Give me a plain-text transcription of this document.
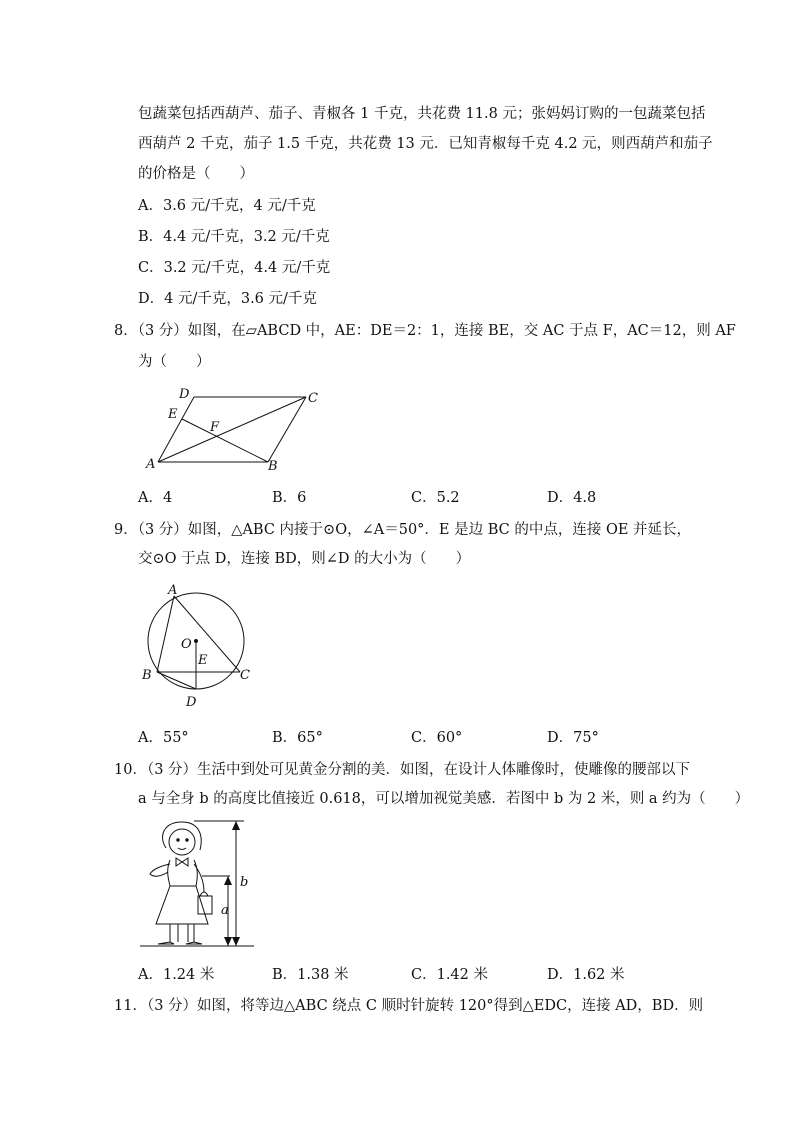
包蔬菜包括西葫芦、茄子、青椒各 1 千克，共花费 11.8 元；张妈妈订购的一包蔬菜包括
西葫芦 2 千克，茄子 1.5 千克，共花费 13 元．已知青椒每千克 4.2 元，则西葫芦和茄子
的价格是（　　）
A．3.6 元/千克，4 元/千克
B．4.4 元/千克，3.2 元/千克
C．3.2 元/千克，4.4 元/千克
D．4 元/千克，3.6 元/千克
8．（3 分）如图，在▱ABCD 中，AE：DE＝2：1，连接 BE，交 AC 于点 F，AC＝12，则 AF
为（　　）
A	B
C
D
E
F
A．4	B．6	C．5.2	D．4.8
9．（3 分）如图，△ABC 内接于⊙O，∠A＝50°．E 是边 BC 的中点，连接 OE 并延长，
交⊙O 于点 D，连接 BD，则∠D 的大小为（　　）
A
B	C
D
E
O
A．55°	B．65°	C．60°	D．75°
10．（3 分）生活中到处可见黄金分割的美．如图，在设计人体雕像时，使雕像的腰部以下
a 与全身 b 的高度比值接近 0.618，可以增加视觉美感．若图中 b 为 2 米，则 a 约为（　　）
b
a
A．1.24 米	B．1.38 米	C．1.42 米	D．1.62 米
11．（3 分）如图，将等边△ABC 绕点 C 顺时针旋转 120°得到△EDC，连接 AD，BD．则
